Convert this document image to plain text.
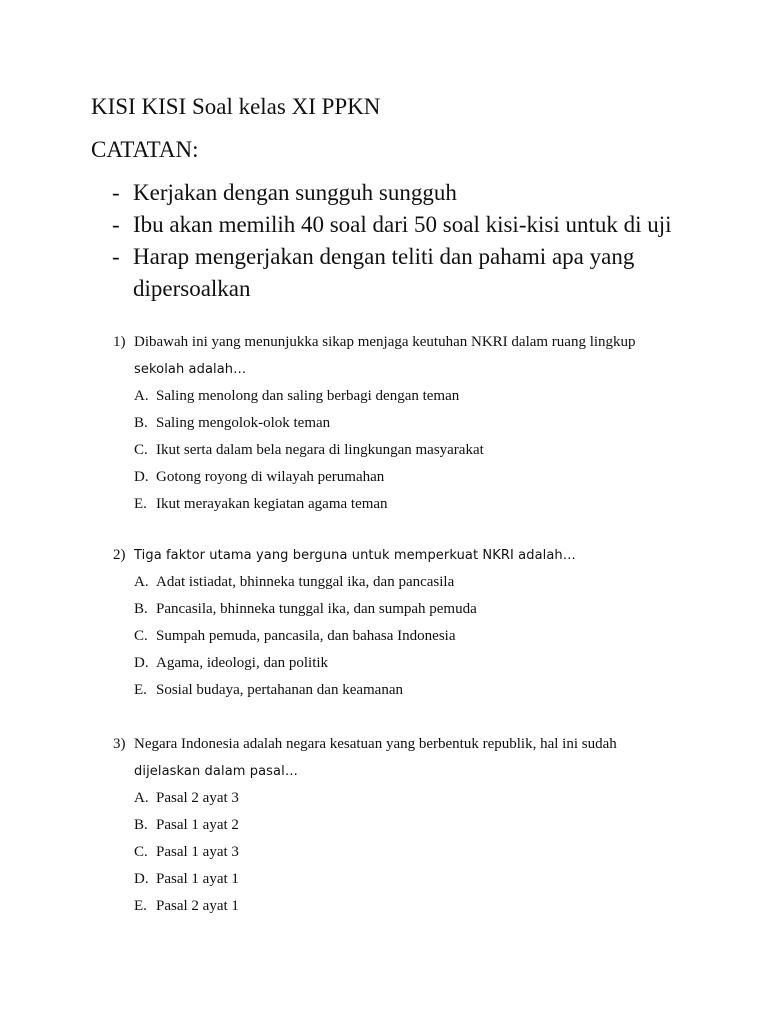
KISI KISI Soal kelas XI PPKN
CATATAN:

- Kerjakan dengan sungguh sungguh

- Ibu akan memilih 40 soal dari 50 soal kisi-kisi untuk di uji

- Harap mengerjakan dengan teliti dan pahami apa yang dipersoalkan

1) Dibawah ini yang menunjukka sikap menjaga keutuhan NKRI dalam ruang lingkup
sekolah adalah…
A. Saling menolong dan saling berbagi dengan teman
B. Saling mengolok-olok teman
C. Ikut serta dalam bela negara di lingkungan masyarakat
D. Gotong royong di wilayah perumahan
E. Ikut merayakan kegiatan agama teman
2) Tiga faktor utama yang berguna untuk memperkuat NKRI adalah…
A. Adat istiadat, bhinneka tunggal ika, dan pancasila
B. Pancasila, bhinneka tunggal ika, dan sumpah pemuda
C. Sumpah pemuda, pancasila, dan bahasa Indonesia
D. Agama, ideologi, dan politik
E. Sosial budaya, pertahanan dan keamanan
3) Negara Indonesia adalah negara kesatuan yang berbentuk republik, hal ini sudah
dijelaskan dalam pasal…
A. Pasal 2 ayat 3
B. Pasal 1 ayat 2
C. Pasal 1 ayat 3
D. Pasal 1 ayat 1
E. Pasal 2 ayat 1
